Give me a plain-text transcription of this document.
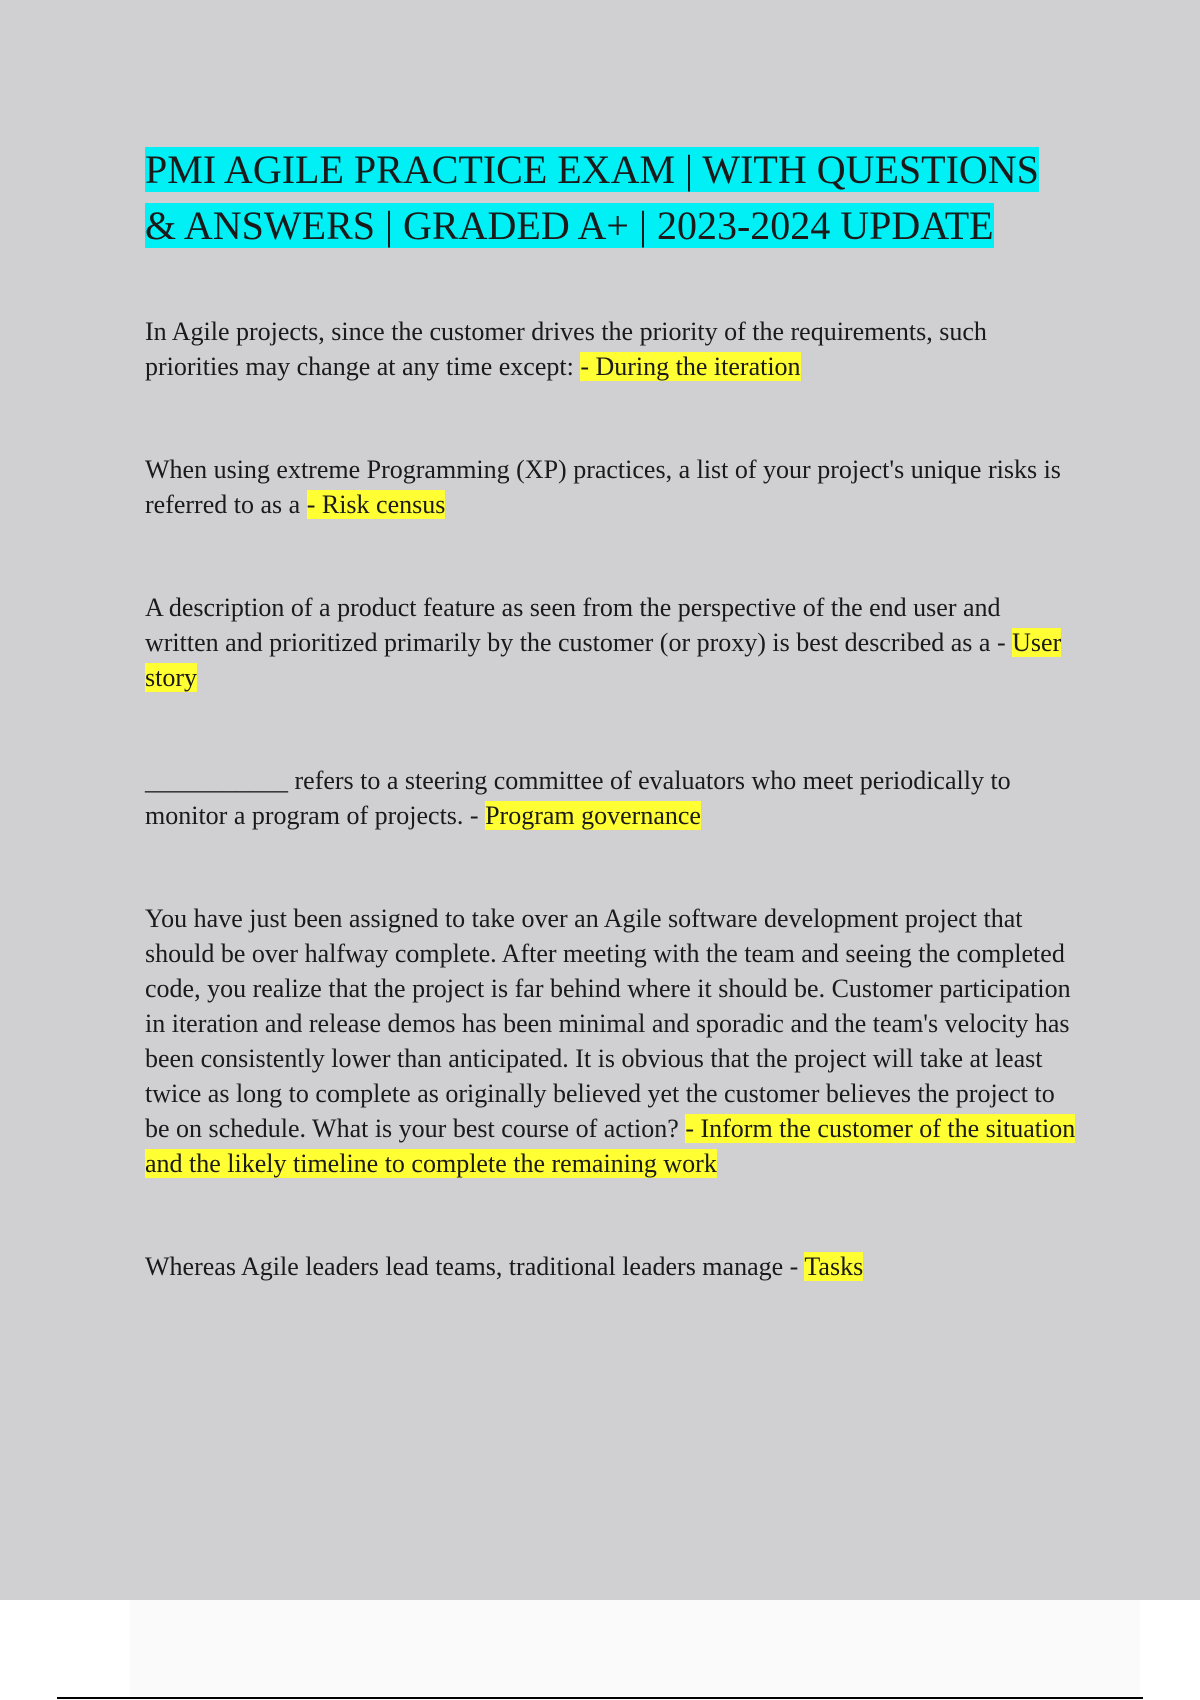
PMI AGILE PRACTICE EXAM | WITH QUESTIONS & ANSWERS | GRADED A+ | 2023-2024 UPDATE

In Agile projects, since the customer drives the priority of the requirements, such priorities may change at any time except: - During the iteration

When using extreme Programming (XP) practices, a list of your project's unique risks is referred to as a - Risk census

A description of a product feature as seen from the perspective of the end user and written and prioritized primarily by the customer (or proxy) is best described as a - User story

___________ refers to a steering committee of evaluators who meet periodically to monitor a program of projects. - Program governance

You have just been assigned to take over an Agile software development project that should be over halfway complete. After meeting with the team and seeing the completed code, you realize that the project is far behind where it should be. Customer participation in iteration and release demos has been minimal and sporadic and the team's velocity has been consistently lower than anticipated. It is obvious that the project will take at least twice as long to complete as originally believed yet the customer believes the project to be on schedule. What is your best course of action? - Inform the customer of the situation and the likely timeline to complete the remaining work

Whereas Agile leaders lead teams, traditional leaders manage - Tasks
